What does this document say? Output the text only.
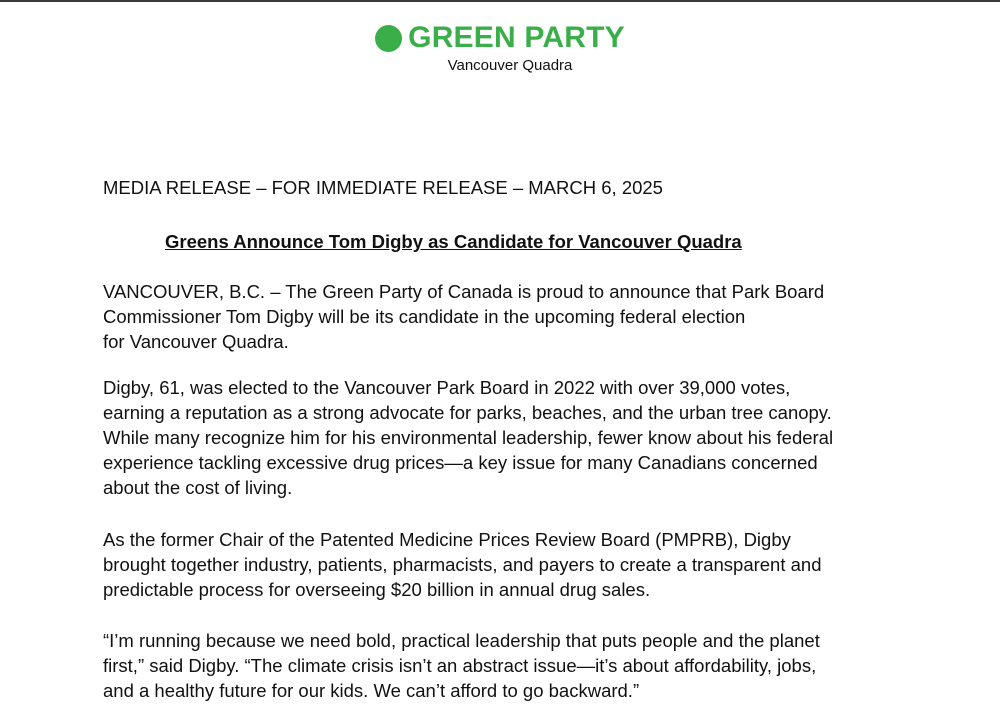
GREEN PARTY
Vancouver Quadra
MEDIA RELEASE – FOR IMMEDIATE RELEASE – MARCH 6, 2025
Greens Announce Tom Digby as Candidate for Vancouver Quadra

VANCOUVER, B.C. – The Green Party of Canada is proud to announce that Park Board
Commissioner Tom Digby will be its candidate in the upcoming federal election
for Vancouver Quadra.

Digby, 61, was elected to the Vancouver Park Board in 2022 with over 39,000 votes,
earning a reputation as a strong advocate for parks, beaches, and the urban tree canopy.
While many recognize him for his environmental leadership, fewer know about his federal
experience tackling excessive drug prices—a key issue for many Canadians concerned
about the cost of living.

As the former Chair of the Patented Medicine Prices Review Board (PMPRB), Digby
brought together industry, patients, pharmacists, and payers to create a transparent and
predictable process for overseeing $20 billion in annual drug sales.

“I’m running because we need bold, practical leadership that puts people and the planet
first,” said Digby. “The climate crisis isn’t an abstract issue—it’s about affordability, jobs,
and a healthy future for our kids. We can’t afford to go backward.”
